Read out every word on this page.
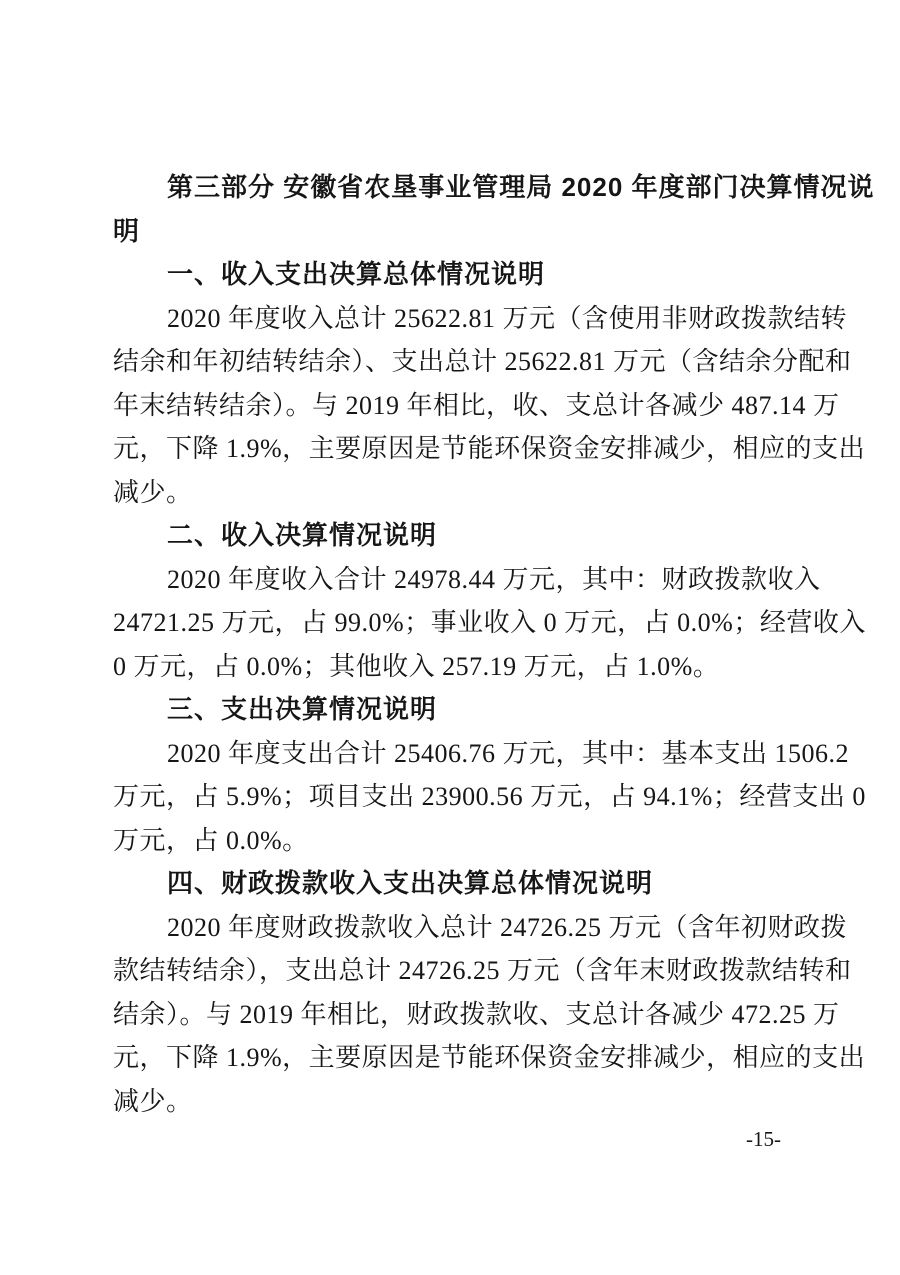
第三部分 安徽省农垦事业管理局 2020 年度部门决算情况说
明
一、收入支出决算总体情况说明
2020 年度收入总计 25622.81 万元（含使用非财政拨款结转
结余和年初结转结余）、支出总计 25622.81 万元（含结余分配和
年末结转结余）。与 2019 年相比，收、支总计各减少 487.14 万
元，下降 1.9%，主要原因是节能环保资金安排减少，相应的支出
减少。
二、收入决算情况说明
2020 年度收入合计 24978.44 万元，其中：财政拨款收入
24721.25 万元，占 99.0%；事业收入 0 万元，占 0.0%；经营收入
0 万元，占 0.0%；其他收入 257.19 万元，占 1.0%。
三、支出决算情况说明
2020 年度支出合计 25406.76 万元，其中：基本支出 1506.2
万元，占 5.9%；项目支出 23900.56 万元，占 94.1%；经营支出 0
万元，占 0.0%。
四、财政拨款收入支出决算总体情况说明
2020 年度财政拨款收入总计 24726.25 万元（含年初财政拨
款结转结余），支出总计 24726.25 万元（含年末财政拨款结转和
结余）。与 2019 年相比，财政拨款收、支总计各减少 472.25 万
元，下降 1.9%，主要原因是节能环保资金安排减少，相应的支出
减少。
-15-
